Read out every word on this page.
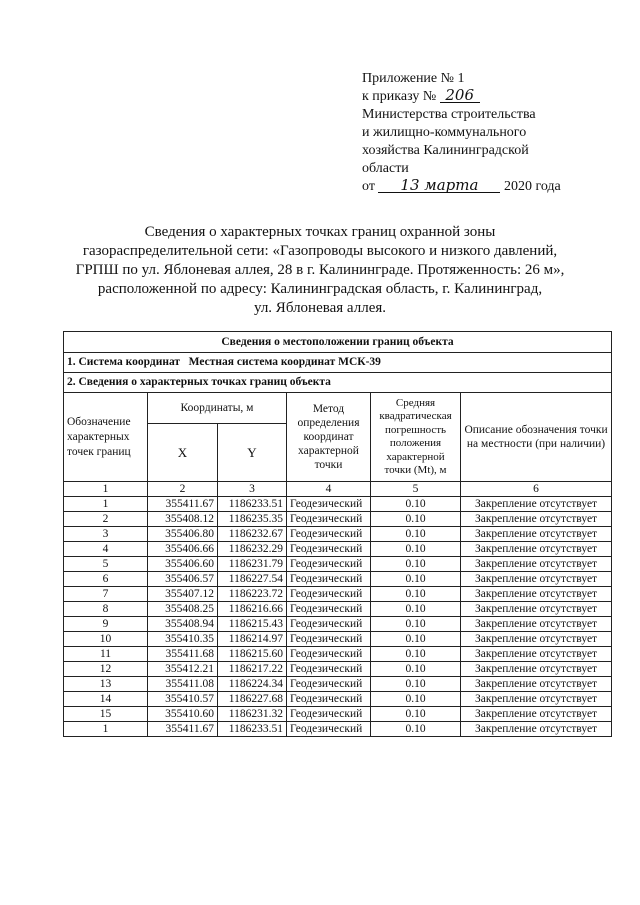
Приложение № 1
к приказу № 206
Министерства строительства
и жилищно-коммунального
хозяйства Калининградской
области
от 13 марта 2020 года
Сведения о характерных точках границ охранной зоны
газораспределительной сети: «Газопроводы высокого и низкого давлений,
ГРПШ по ул. Яблоневая аллея, 28 в г. Калининграде. Протяженность: 26 м»,
расположенной по адресу: Калининградская область, г. Калининград,
ул. Яблоневая аллея.
Сведения о местоположении границ объекта					
1. Система координат   Местная система координат МСК-39					
2. Сведения о характерных точках границ объекта					
Обозначение характерных точек границ	Координаты, м		Метод определения координат характерной точки	Средняя квадратическая погрешность положения характерной точки (Mt), м	Описание обозначения точки на местности (при наличии)
	X	Y			
1	2	3	4	5	6
1	355411.67	1186233.51	Геодезический	0.10	Закрепление отсутствует
2	355408.12	1186235.35	Геодезический	0.10	Закрепление отсутствует
3	355406.80	1186232.67	Геодезический	0.10	Закрепление отсутствует
4	355406.66	1186232.29	Геодезический	0.10	Закрепление отсутствует
5	355406.60	1186231.79	Геодезический	0.10	Закрепление отсутствует
6	355406.57	1186227.54	Геодезический	0.10	Закрепление отсутствует
7	355407.12	1186223.72	Геодезический	0.10	Закрепление отсутствует
8	355408.25	1186216.66	Геодезический	0.10	Закрепление отсутствует
9	355408.94	1186215.43	Геодезический	0.10	Закрепление отсутствует
10	355410.35	1186214.97	Геодезический	0.10	Закрепление отсутствует
11	355411.68	1186215.60	Геодезический	0.10	Закрепление отсутствует
12	355412.21	1186217.22	Геодезический	0.10	Закрепление отсутствует
13	355411.08	1186224.34	Геодезический	0.10	Закрепление отсутствует
14	355410.57	1186227.68	Геодезический	0.10	Закрепление отсутствует
15	355410.60	1186231.32	Геодезический	0.10	Закрепление отсутствует
1	355411.67	1186233.51	Геодезический	0.10	Закрепление отсутствует
